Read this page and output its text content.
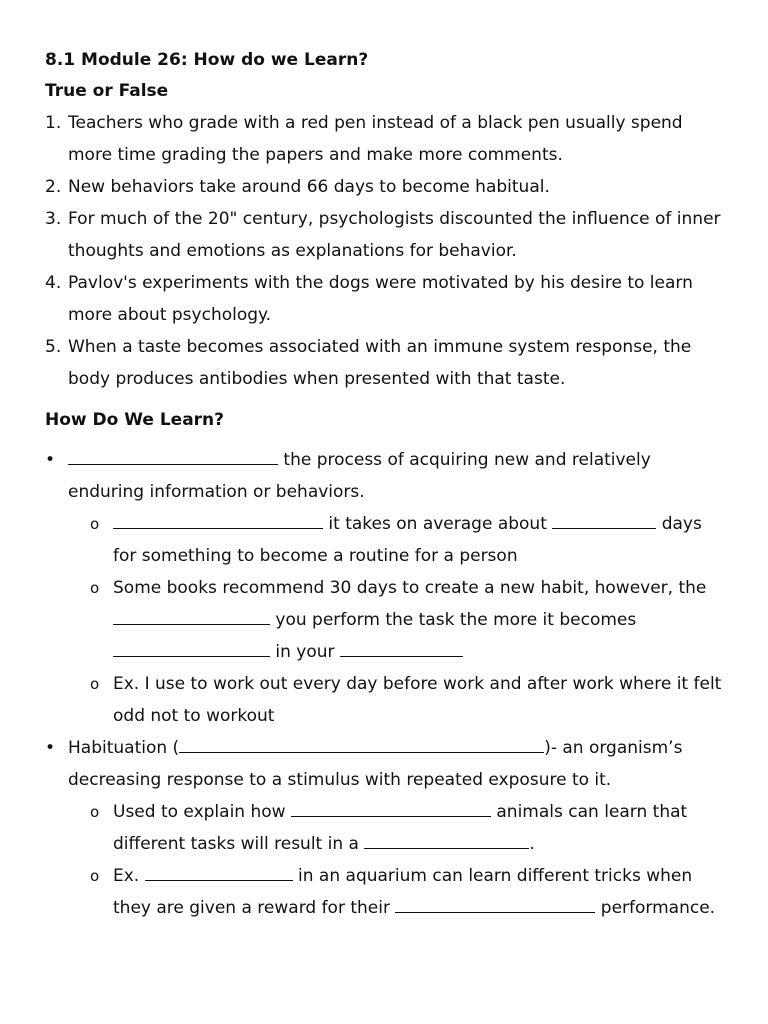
8.1 Module 26: How do we Learn?
True or False
1. Teachers who grade with a red pen instead of a black pen usually spend more time grading the papers and make more comments.
2. New behaviors take around 66 days to become habitual.
3. For much of the 20" century, psychologists discounted the influence of inner thoughts and emotions as explanations for behavior.
4. Pavlov's experiments with the dogs were motivated by his desire to learn more about psychology.
5. When a taste becomes associated with an immune system response, the body produces antibodies when presented with that taste.
How Do We Learn?
•	the process of acquiring new and relatively enduring information or behaviors.
o	it takes on average about	days for something to become a routine for a person
o Some books recommend 30 days to create a new habit, however, the  you perform the task the more it becomes  in your
o Ex. I use to work out every day before work and after work where it felt odd not to workout
• Habituation (	)- an organism’s decreasing response to a stimulus with repeated exposure to it.
o Used to explain how	animals can learn that different tasks will result in a	.
o Ex.	in an aquarium can learn different tricks when they are given a reward for their	performance.
